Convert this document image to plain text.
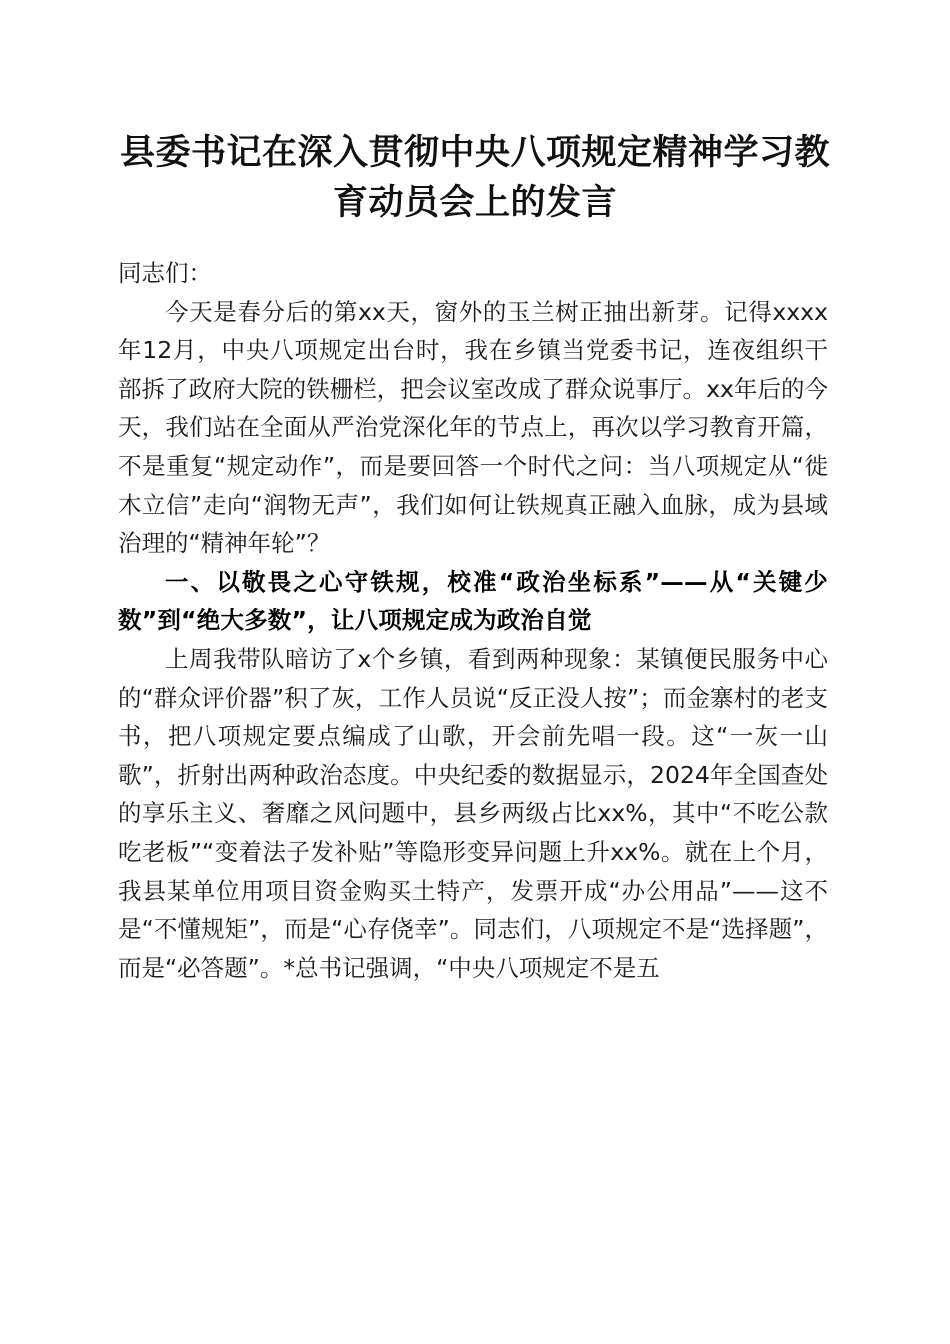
县委书记在深入贯彻中央八项规定精神学习教
育动员会上的发言

同志们：

今天是春分后的第xx天，窗外的玉兰树正抽出新芽。记得xxxx年12月，中央八项规定出台时，我在乡镇当党委书记，连夜组织干部拆了政府大院的铁栅栏，把会议室改成了群众说事厅。xx年后的今天，我们站在全面从严治党深化年的节点上，再次以学习教育开篇，不是重复“规定动作”，而是要回答一个时代之问：当八项规定从“徙木立信”走向“润物无声”，我们如何让铁规真正融入血脉，成为县域治理的“精神年轮”？

一、以敬畏之心守铁规，校准“政治坐标系”——从“关键少数”到“绝大多数”，让八项规定成为政治自觉

上周我带队暗访了x个乡镇，看到两种现象：某镇便民服务中心的“群众评价器”积了灰，工作人员说“反正没人按”；而金寨村的老支书，把八项规定要点编成了山歌，开会前先唱一段。这“一灰一山歌”，折射出两种政治态度。中央纪委的数据显示，2024年全国查处的享乐主义、奢靡之风问题中，县乡两级占比xx%，其中“不吃公款吃老板”“变着法子发补贴”等隐形变异问题上升xx%。就在上个月，我县某单位用项目资金购买土特产，发票开成“办公用品”——这不是“不懂规矩”，而是“心存侥幸”。同志们，八项规定不是“选择题”，而是“必答题”。*总书记强调，“中央八项规定不是五
